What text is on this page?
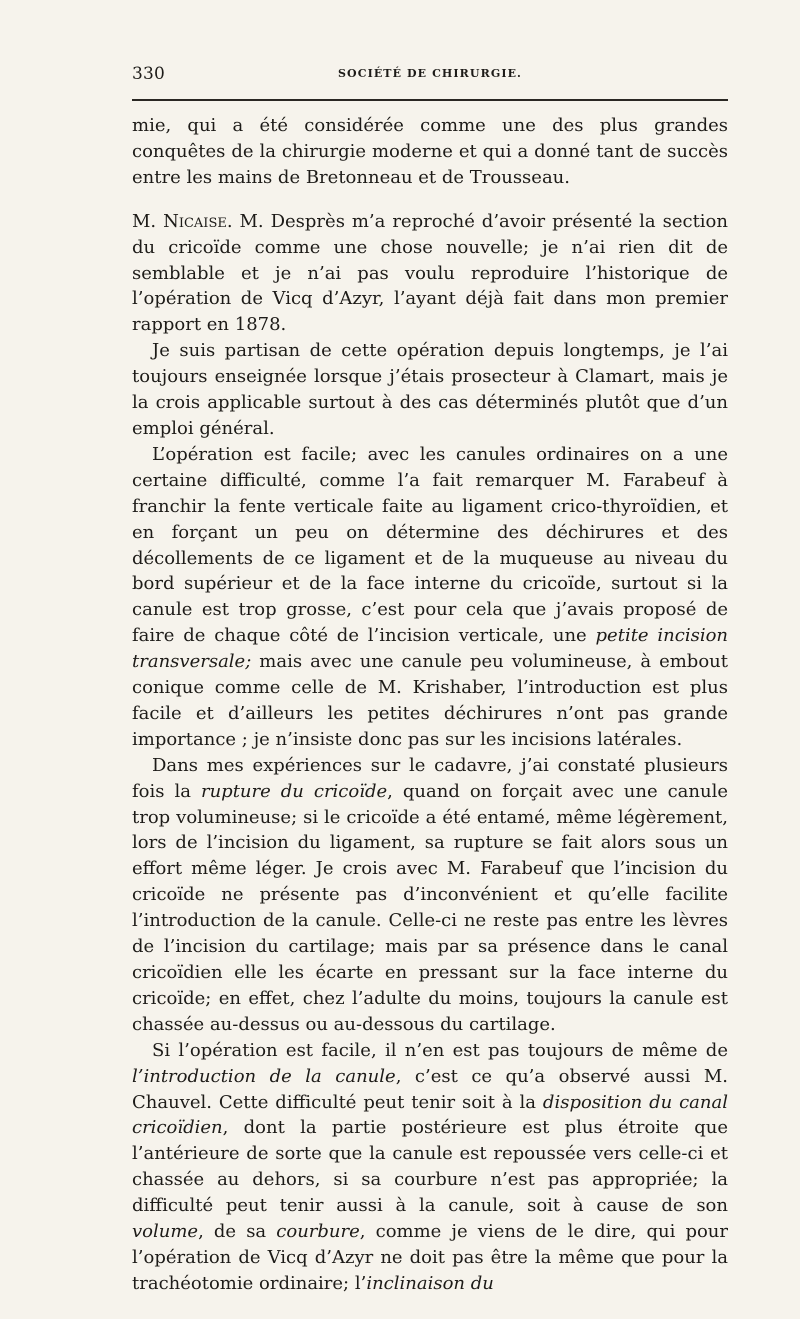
330	SOCIÉTÉ DE CHIRURGIE.

mie, qui a été considérée comme une des plus grandes conquêtes de la chirurgie moderne et qui a donné tant de succès entre les mains de Bretonneau et de Trousseau.

M. Nicaise. M. Desprès m’a reproché d’avoir présenté la section du cricoïde comme une chose nouvelle; je n’ai rien dit de semblable et je n’ai pas voulu reproduire l’historique de l’opération de Vicq d’Azyr, l’ayant déjà fait dans mon premier rapport en 1878.

Je suis partisan de cette opération depuis longtemps, je l’ai toujours enseignée lorsque j’étais prosecteur à Clamart, mais je la crois applicable surtout à des cas déterminés plutôt que d’un emploi général.

L’opération est facile; avec les canules ordinaires on a une certaine difficulté, comme l’a fait remarquer M. Farabeuf à franchir la fente verticale faite au ligament crico-thyroïdien, et en forçant un peu on détermine des déchirures et des décollements de ce ligament et de la muqueuse au niveau du bord supérieur et de la face interne du cricoïde, surtout si la canule est trop grosse, c’est pour cela que j’avais proposé de faire de chaque côté de l’incision verticale, une petite incision transversale; mais avec une canule peu volumineuse, à embout conique comme celle de M. Krishaber, l’introduction est plus facile et d’ailleurs les petites déchirures n’ont pas grande importance ; je n’insiste donc pas sur les incisions latérales.

Dans mes expériences sur le cadavre, j’ai constaté plusieurs fois la rupture du cricoïde, quand on forçait avec une canule trop volumineuse; si le cricoïde a été entamé, même légèrement, lors de l’incision du ligament, sa rupture se fait alors sous un effort même léger. Je crois avec M. Farabeuf que l’incision du cricoïde ne présente pas d’inconvénient et qu’elle facilite l’introduction de la canule. Celle-ci ne reste pas entre les lèvres de l’incision du cartilage; mais par sa présence dans le canal cricoïdien elle les écarte en pressant sur la face interne du cricoïde; en effet, chez l’adulte du moins, toujours la canule est chassée au-dessus ou au-dessous du cartilage.

Si l’opération est facile, il n’en est pas toujours de même de l’introduction de la canule, c’est ce qu’a observé aussi M. Chauvel. Cette difficulté peut tenir soit à la disposition du canal cricoïdien, dont la partie postérieure est plus étroite que l’antérieure de sorte que la canule est repoussée vers celle-ci et chassée au dehors, si sa courbure n’est pas appropriée; la difficulté peut tenir aussi à la canule, soit à cause de son volume, de sa courbure, comme je viens de le dire, qui pour l’opération de Vicq d’Azyr ne doit pas être la même que pour la trachéotomie ordinaire; l’inclinaison du
